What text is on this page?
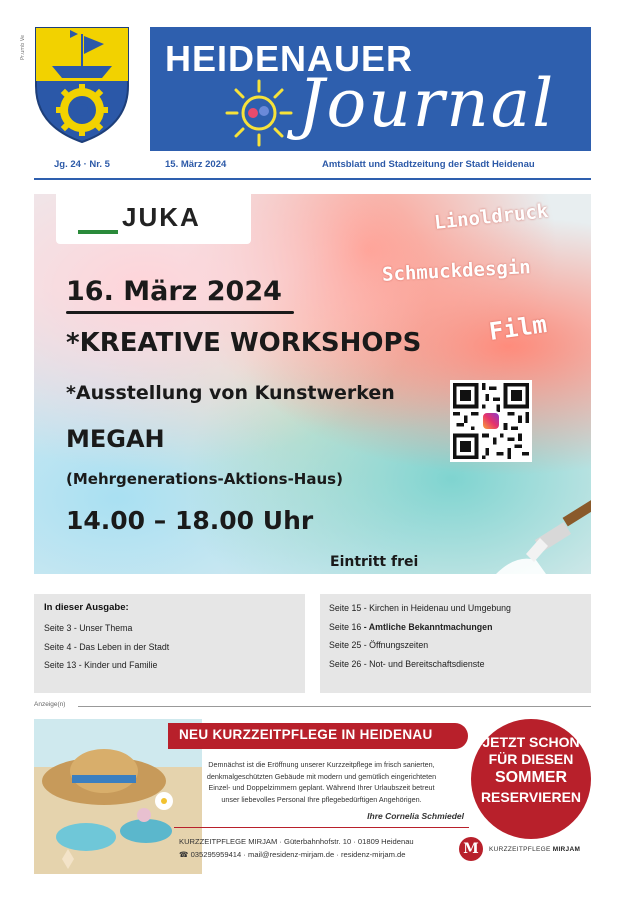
Pr.umb Ve
Jg. 24 · Nr. 5
HEIDENAUER
Journal
15. März 2024	Amtsblatt und Stadtzeitung der Stadt Heidenau
JUKA	Linoldruck
Schmuckdesgin
Film
16. März 2024
*KREATIVE WORKSHOPS
*Ausstellung von Kunstwerken
MEGAH
(Mehrgenerations-Aktions-Haus)
14.00 – 18.00 Uhr
Eintritt frei
In dieser Ausgabe:
Seite 3 - Unser Thema
Seite 4 - Das Leben in der Stadt
Seite 13 - Kinder und Familie
Seite 15 - Kirchen in Heidenau und Umgebung
Seite 16 - Amtliche Bekanntmachungen
Seite 25 - Öffnungszeiten
Seite 26 - Not- und Bereitschaftsdienste
Anzeige(n)
NEU KURZZEITPFLEGE IN HEIDENAU	JETZT SCHON
FÜR DIESEN
SOMMER
RESERVIEREN
Demnächst ist die Eröffnung unserer Kurzzeitpflege im frisch sanierten,
denkmalgeschützten Gebäude mit modern und gemütlich eingerichteten
Einzel- und Doppelzimmern geplant. Während Ihrer Urlaubszeit betreut
unser liebevolles Personal Ihre pflegebedürftigen Angehörigen.
Ihre Cornelia Schmiedel
KURZZEITPFLEGE MIRJAM · Güterbahnhofstr. 10 · 01809 Heidenau
☎ 035295959414 · mail@residenz-mirjam.de · residenz-mirjam.de	M	KURZZEITPFLEGE MIRJAM
